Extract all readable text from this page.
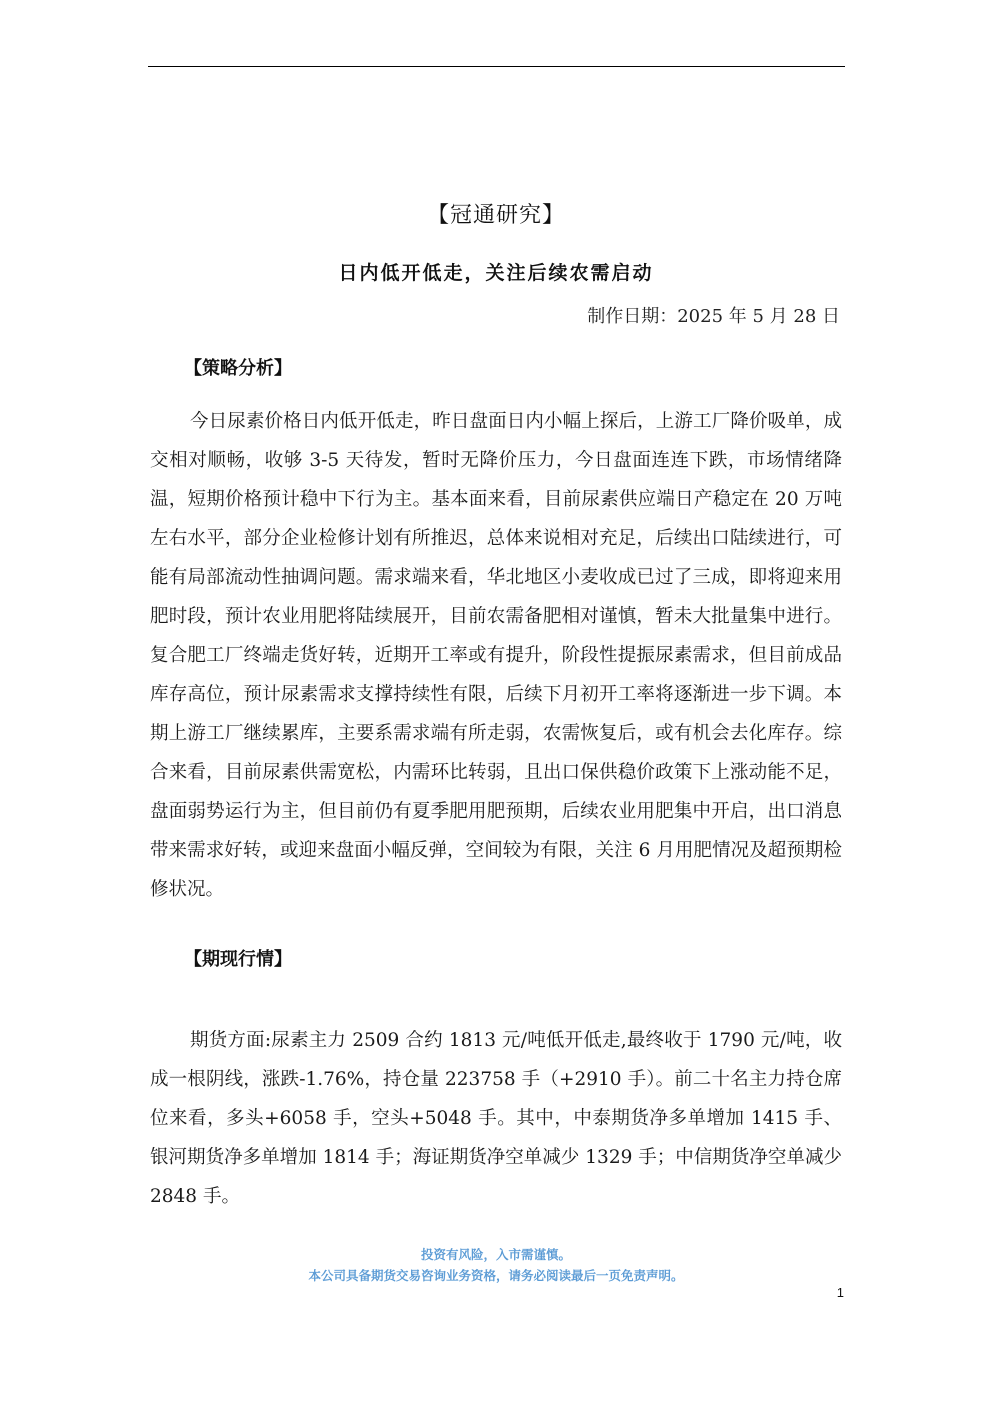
【冠通研究】
日内低开低走，关注后续农需启动
制作日期：2025 年 5 月 28 日
【策略分析】

今日尿素价格日内低开低走，昨日盘面日内小幅上探后，上游工厂降价吸单，成交相对顺畅，收够 3-5 天待发，暂时无降价压力，今日盘面连连下跌，市场情绪降温，短期价格预计稳中下行为主。基本面来看，目前尿素供应端日产稳定在 20 万吨左右水平，部分企业检修计划有所推迟，总体来说相对充足，后续出口陆续进行，可能有局部流动性抽调问题。需求端来看，华北地区小麦收成已过了三成，即将迎来用肥时段，预计农业用肥将陆续展开，目前农需备肥相对谨慎，暂未大批量集中进行。复合肥工厂终端走货好转，近期开工率或有提升，阶段性提振尿素需求，但目前成品库存高位，预计尿素需求支撑持续性有限，后续下月初开工率将逐渐进一步下调。本期上游工厂继续累库，主要系需求端有所走弱，农需恢复后，或有机会去化库存。综合来看，目前尿素供需宽松，内需环比转弱，且出口保供稳价政策下上涨动能不足，盘面弱势运行为主，但目前仍有夏季肥用肥预期，后续农业用肥集中开启，出口消息带来需求好转，或迎来盘面小幅反弹，空间较为有限，关注 6 月用肥情况及超预期检修状况。

【期现行情】

期货方面:尿素主力 2509 合约 1813 元/吨低开低走,最终收于 1790 元/吨，收成一根阴线，涨跌-1.76%，持仓量 223758 手（+2910 手）。前二十名主力持仓席位来看，多头+6058 手，空头+5048 手。其中，中泰期货净多单增加 1415 手、银河期货净多单增加 1814 手；海证期货净空单减少 1329 手；中信期货净空单减少 2848 手。

投资有风险，入市需谨慎。
本公司具备期货交易咨询业务资格，请务必阅读最后一页免责声明。
1
